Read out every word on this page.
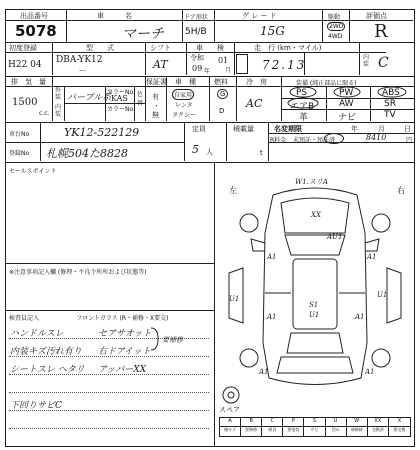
出品番号
5078
車　　　名
マーチ
ドア形状
5H/B
グ レ ー ド
15G
駆動
2WD
4WD
評価点
R
初度登録
H22 04
型　　式
DBA-YK12
ー
シフト
AT
車　　検
令和
09 年
01
月
走　行 (km・マイル)
72.13
内装 C
排　気　量
1500
c.c.
外装
内装
パープル系
カラーNo.
KAS
カラーNo.
色替
保証書
有
・
無
車　種
自家用
レンタ
タクシー
燃料
G
D
冷　房
AC
装備 (純正部品に限る)
PS	PW	ABS
エアB	AW	SR
革	ナビ	TV
車台No	YK12-522129
登録No 札幌504た8828
定員
5 人
積載量
t
名変期限	年	月	日
R料金 未預託・預託済	8410	円
セールスポイント
※注意事項記入欄 (修理・不良个所所および状態等)
検査員記入	フロントガラス (R・補修・X要交)
ハンドルスレ
内装キズ汚れ有り
シートスレ ヘタリ
下回りサビC
セアサオット
右ドアイット
アッパーXX
要補修
左	右
W1.スリA
XX
AU1
U1
A1
S1
U1
A1
U1
A1
A1
A1	A1
スペア
A	B	C	P	S	U	W	XX	X
線キズ	要修修	腐食	要塗装	サビ	凹み	補修跡	交換済	要交換
